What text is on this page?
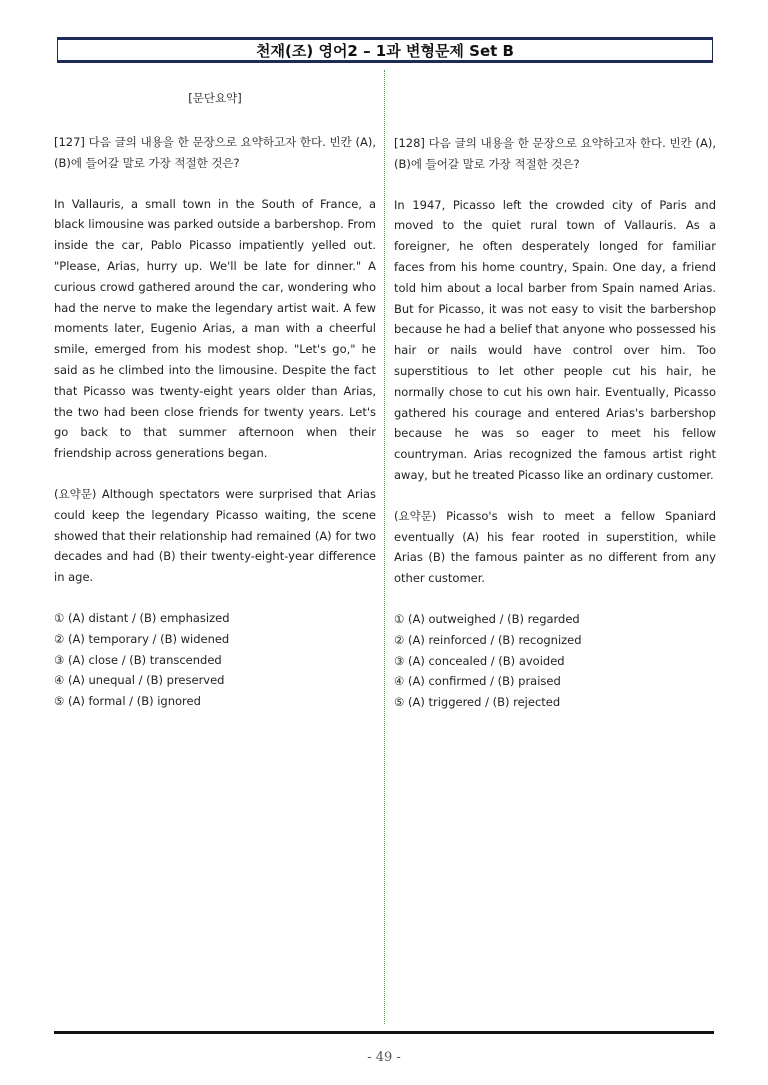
천재(조) 영어2 – 1과 변형문제 Set B
[문단요약]

[127] 다음 글의 내용을 한 문장으로 요약하고자 한다. 빈칸 (A), (B)에 들어갈 말로 가장 적절한 것은?

In Vallauris, a small town in the South of France, a black limousine was parked outside a barbershop. From inside the car, Pablo Picasso impatiently yelled out. "Please, Arias, hurry up. We'll be late for dinner." A curious crowd gathered around the car, wondering who had the nerve to make the legendary artist wait. A few moments later, Eugenio Arias, a man with a cheerful smile, emerged from his modest shop. "Let's go," he said as he climbed into the limousine. Despite the fact that Picasso was twenty-eight years older than Arias, the two had been close friends for twenty years. Let's go back to that summer afternoon when their friendship across generations began.

(요약문) Although spectators were surprised that Arias could keep the legendary Picasso waiting, the scene showed that their relationship had remained (A) for two decades and had (B) their twenty-eight-year difference in age.

① (A) distant / (B) emphasized
② (A) temporary / (B) widened
③ (A) close / (B) transcended
④ (A) unequal / (B) preserved
⑤ (A) formal / (B) ignored

[128] 다음 글의 내용을 한 문장으로 요약하고자 한다. 빈칸 (A), (B)에 들어갈 말로 가장 적절한 것은?

In 1947, Picasso left the crowded city of Paris and moved to the quiet rural town of Vallauris. As a foreigner, he often desperately longed for familiar faces from his home country, Spain. One day, a friend told him about a local barber from Spain named Arias. But for Picasso, it was not easy to visit the barbershop because he had a belief that anyone who possessed his hair or nails would have control over him. Too superstitious to let other people cut his hair, he normally chose to cut his own hair. Eventually, Picasso gathered his courage and entered Arias's barbershop because he was so eager to meet his fellow countryman. Arias recognized the famous artist right away, but he treated Picasso like an ordinary customer.

(요약문) Picasso's wish to meet a fellow Spaniard eventually (A) his fear rooted in superstition, while Arias (B) the famous painter as no different from any other customer.

① (A) outweighed / (B) regarded
② (A) reinforced / (B) recognized
③ (A) concealed / (B) avoided
④ (A) confirmed / (B) praised
⑤ (A) triggered / (B) rejected
- 49 -
